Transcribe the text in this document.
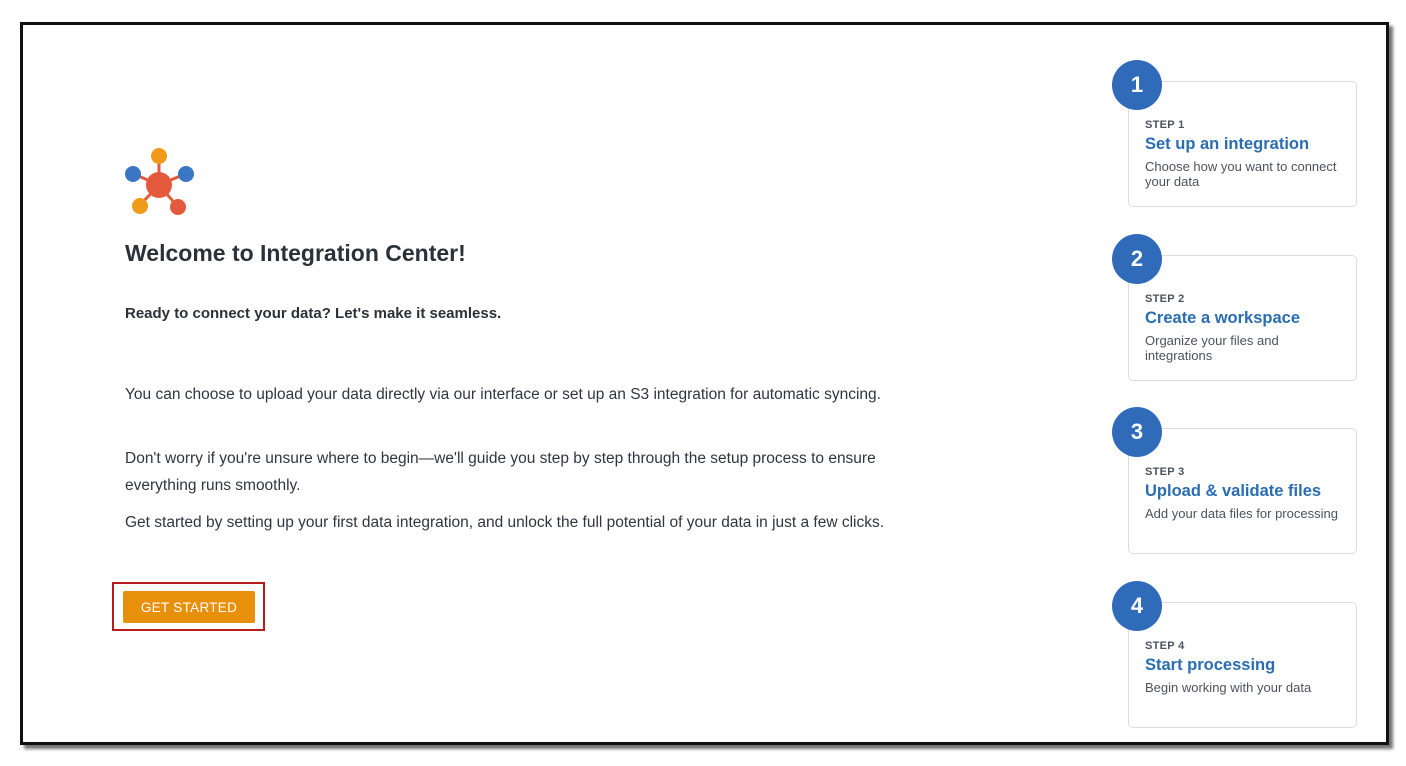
Welcome to Integration Center!

Ready to connect your data? Let's make it seamless.

You can choose to upload your data directly via our interface or set up an S3 integration for automatic syncing.

Don't worry if you're unsure where to begin—we'll guide you step by step through the setup process to ensure everything runs smoothly.

Get started by setting up your first data integration, and unlock the full potential of your data in just a few clicks.

GET STARTED
1
STEP 1
Set up an integration
Choose how you want to connect your data
2
STEP 2
Create a workspace
Organize your files and integrations
3
STEP 3
Upload & validate files
Add your data files for processing
4
STEP 4
Start processing
Begin working with your data
